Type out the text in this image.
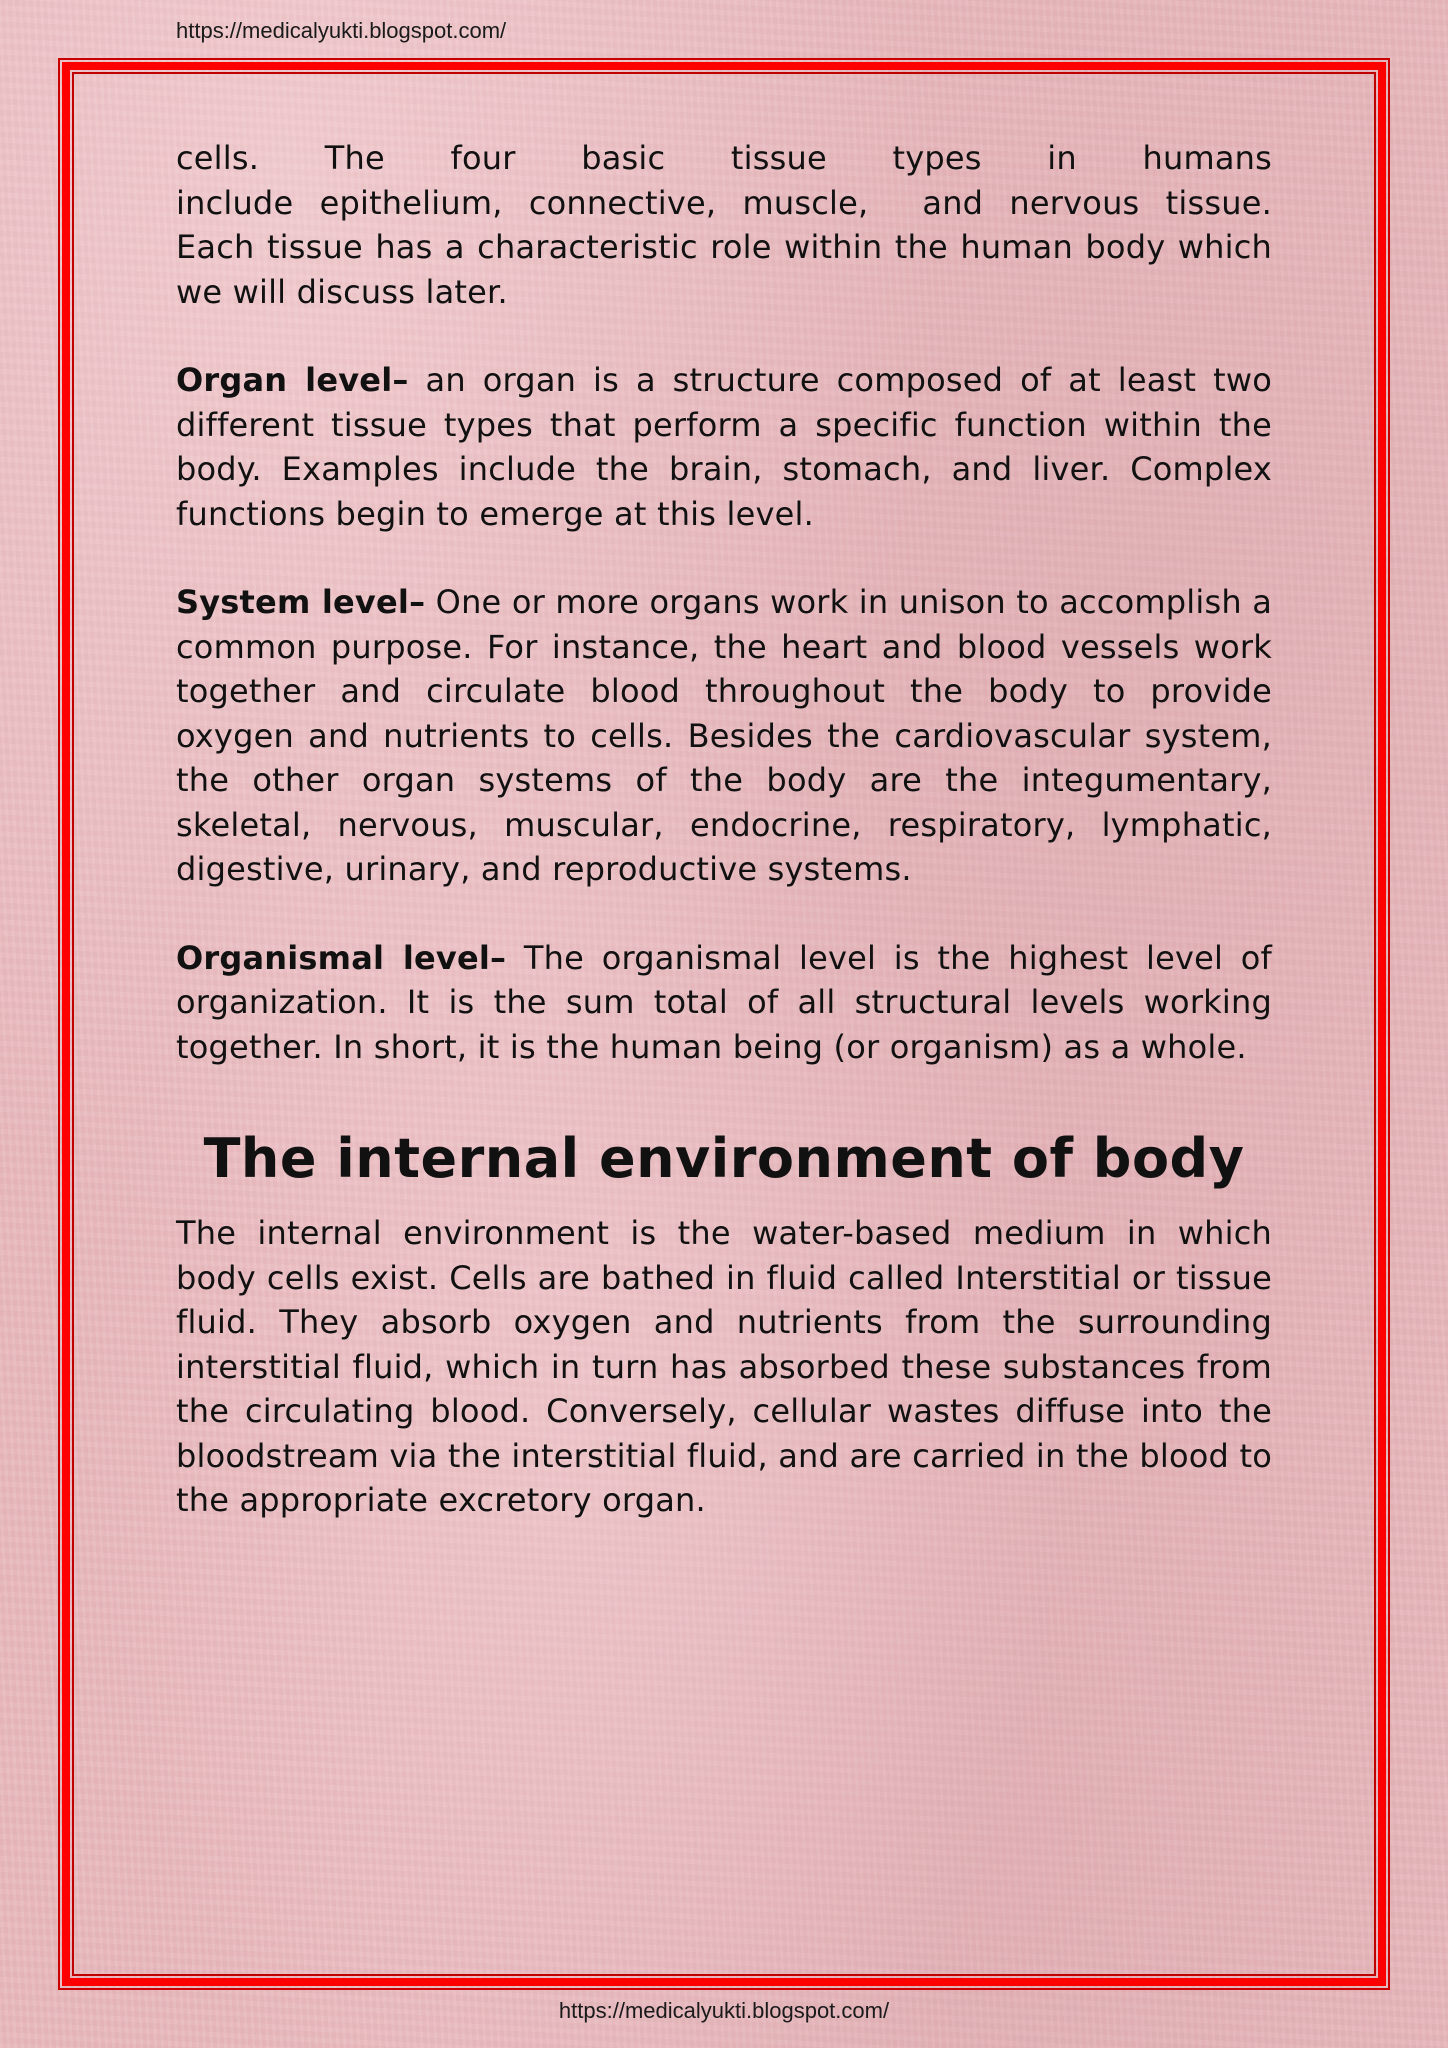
https://medicalyukti.blogspot.com/

cells. The four basic tissue types in humans
include epithelium, connective, muscle, and nervous tissue.
Each tissue has a characteristic role within the human body which we will discuss later.

Organ level– an organ is a structure composed of at least two different tissue types that perform a specific function within the body. Examples include the brain, stomach, and liver. Complex functions begin to emerge at this level.

System level– One or more organs work in unison to accomplish a common purpose. For instance, the heart and blood vessels work together and circulate blood throughout the body to provide oxygen and nutrients to cells. Besides the cardiovascular system, the other organ systems of the body are the integumentary, skeletal, nervous, muscular, endocrine, respiratory, lymphatic, digestive, urinary, and reproductive systems.

Organismal level– The organismal level is the highest level of organization. It is the sum total of all structural levels working together. In short, it is the human being (or organism) as a whole.

The internal environment of body

The internal environment is the water-based medium in which body cells exist. Cells are bathed in fluid called Interstitial or tissue fluid. They absorb oxygen and nutrients from the surrounding interstitial fluid, which in turn has absorbed these substances from the circulating blood. Conversely, cellular wastes diffuse into the bloodstream via the interstitial fluid, and are carried in the blood to the appropriate excretory organ.

https://medicalyukti.blogspot.com/
